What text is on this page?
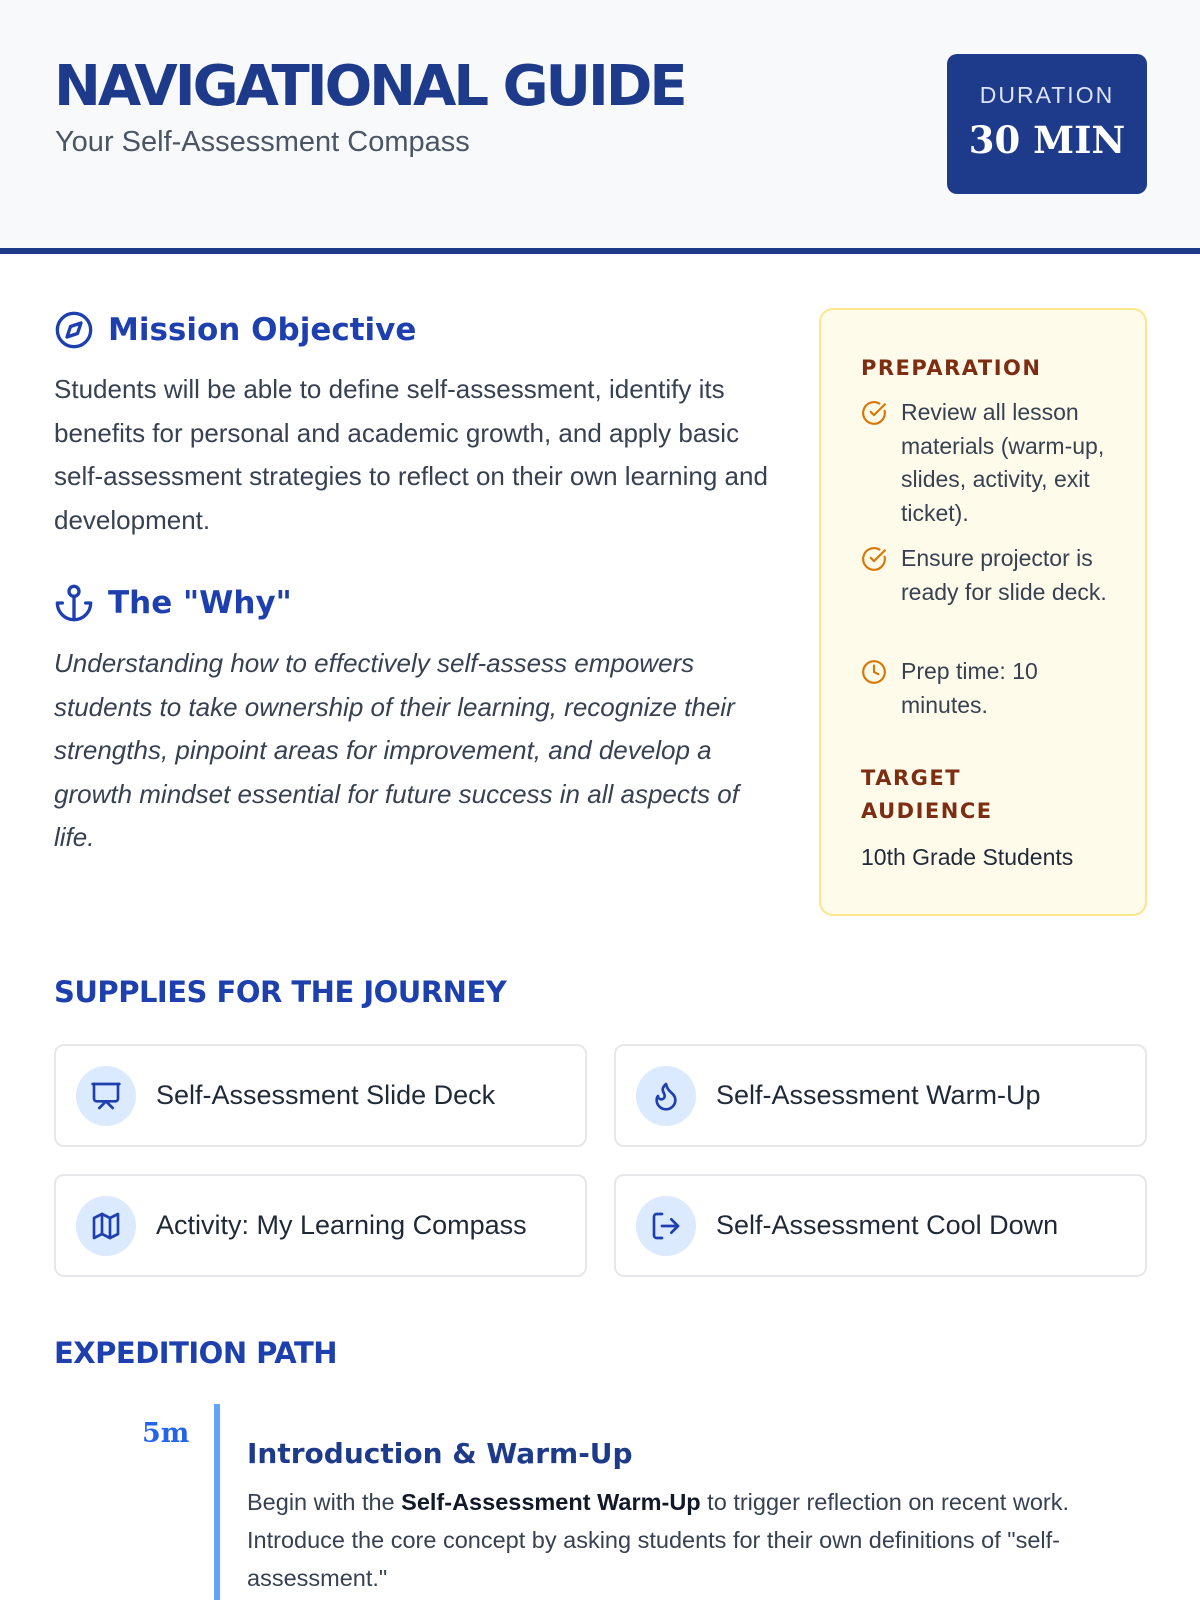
NAVIGATIONAL GUIDE
Your Self-Assessment Compass
DURATION
30 MIN
Mission Objective
Students will be able to define self-assessment, identify its benefits for personal and academic growth, and apply basic self-assessment strategies to reflect on their own learning and development.
The "Why"
Understanding how to effectively self-assess empowers students to take ownership of their learning, recognize their strengths, pinpoint areas for improvement, and develop a growth mindset essential for future success in all aspects of life.
PREPARATION
Review all lesson materials (warm-up, slides, activity, exit ticket).
Ensure projector is ready for slide deck.
Prep time: 10 minutes.
TARGET AUDIENCE
10th Grade Students
SUPPLIES FOR THE JOURNEY
Self-Assessment Slide Deck	Self-Assessment Warm-Up
Activity: My Learning Compass	Self-Assessment Cool Down
EXPEDITION PATH
5m
Introduction & Warm-Up
Begin with the Self-Assessment Warm-Up to trigger reflection on recent work. Introduce the core concept by asking students for their own definitions of "self-assessment."
